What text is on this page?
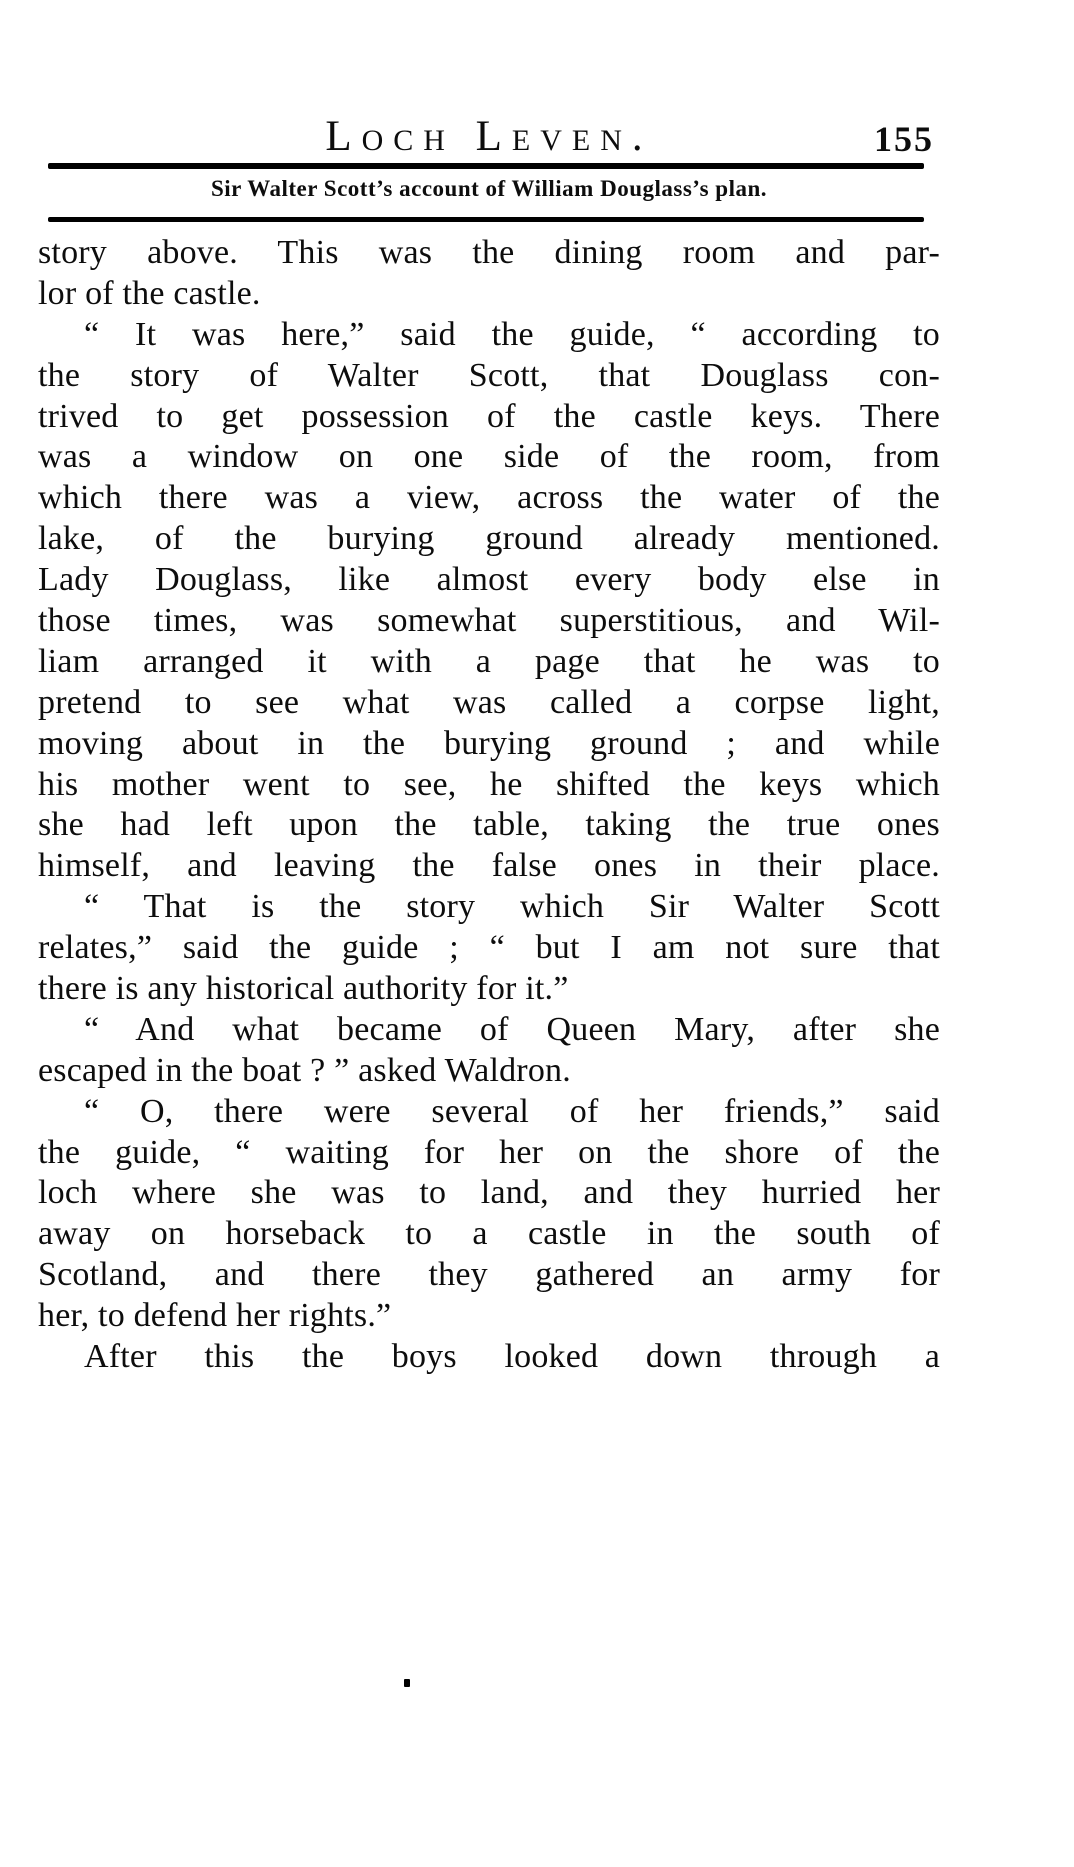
Loch Leven.	155
Sir Walter Scott’s account of William Douglass’s plan.
story above. This was the dining room and par-
lor of the castle.
“ It was here,” said the guide, “ according to
the story of Walter Scott, that Douglass con-
trived to get possession of the castle keys. There
was a window on one side of the room, from
which there was a view, across the water of the
lake, of the burying ground already mentioned.
Lady Douglass, like almost every body else in
those times, was somewhat superstitious, and Wil-
liam arranged it with a page that he was to
pretend to see what was called a corpse light,
moving about in the burying ground ; and while
his mother went to see, he shifted the keys which
she had left upon the table, taking the true ones
himself, and leaving the false ones in their place.
“ That is the story which Sir Walter Scott
relates,” said the guide ; “ but I am not sure that
there is any historical authority for it.”
“ And what became of Queen Mary, after she
escaped in the boat ? ” asked Waldron.
“ O, there were several of her friends,” said
the guide, “ waiting for her on the shore of the
loch where she was to land, and they hurried her
away on horseback to a castle in the south of
Scotland, and there they gathered an army for
her, to defend her rights.”
After this the boys looked down through a
